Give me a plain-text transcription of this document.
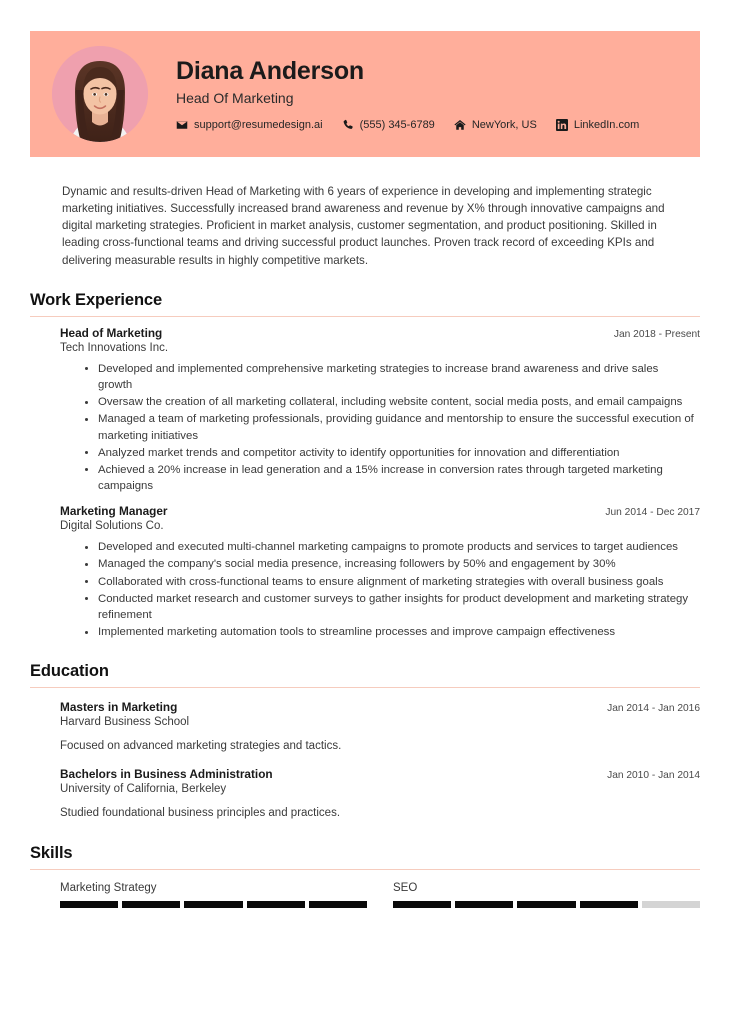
Diana Anderson
Head Of Marketing
support@resumedesign.ai	(555) 345-6789	NewYork, US	LinkedIn.com
Dynamic and results-driven Head of Marketing with 6 years of experience in developing and implementing strategic marketing initiatives. Successfully increased brand awareness and revenue by X% through innovative campaigns and digital marketing strategies. Proficient in market analysis, customer segmentation, and product positioning. Skilled in leading cross-functional teams and driving successful product launches. Proven track record of exceeding KPIs and delivering measurable results in highly competitive markets.
Work Experience
Head of Marketing	Jan 2018 - Present
Tech Innovations Inc.
Developed and implemented comprehensive marketing strategies to increase brand awareness and drive sales growth
Oversaw the creation of all marketing collateral, including website content, social media posts, and email campaigns
Managed a team of marketing professionals, providing guidance and mentorship to ensure the successful execution of marketing initiatives
Analyzed market trends and competitor activity to identify opportunities for innovation and differentiation
Achieved a 20% increase in lead generation and a 15% increase in conversion rates through targeted marketing campaigns
Marketing Manager	Jun 2014 - Dec 2017
Digital Solutions Co.
Developed and executed multi-channel marketing campaigns to promote products and services to target audiences
Managed the company's social media presence, increasing followers by 50% and engagement by 30%
Collaborated with cross-functional teams to ensure alignment of marketing strategies with overall business goals
Conducted market research and customer surveys to gather insights for product development and marketing strategy refinement
Implemented marketing automation tools to streamline processes and improve campaign effectiveness
Education
Masters in Marketing	Jan 2014 - Jan 2016
Harvard Business School
Focused on advanced marketing strategies and tactics.
Bachelors in Business Administration	Jan 2010 - Jan 2014
University of California, Berkeley
Studied foundational business principles and practices.
Skills
Marketing Strategy	SEO
